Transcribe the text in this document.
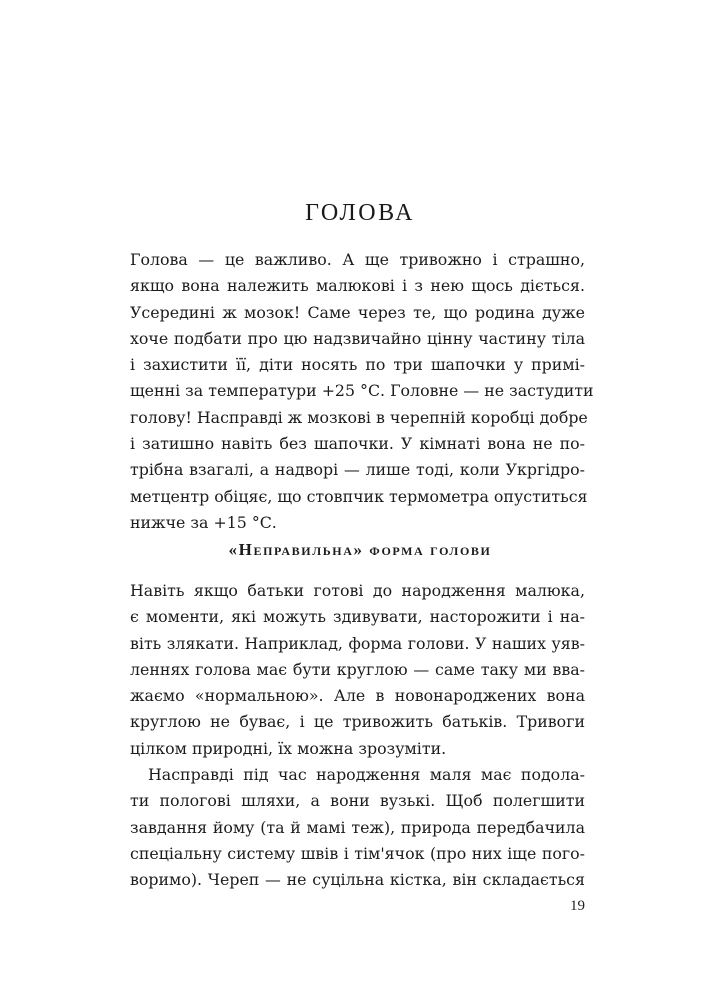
ГОЛОВА
Голова — це важливо. А ще тривожно і страшно,
якщо вона належить малюкові і з нею щось діється.
Усередині ж мозок! Саме через те, що родина дуже
хоче подбати про цю надзвичайно цінну частину тіла
і захистити її, діти носять по три шапочки у примі-
щенні за температури +25 °С. Головне — не застудити
голову! Насправді ж мозкові в черепній коробці добре
і затишно навіть без шапочки. У кімнаті вона не по-
трібна взагалі, а надворі — лише тоді, коли Укргідро-
метцентр обіцяє, що стовпчик термометра опуститься
нижче за +15 °С.
«Неправильна» форма голови
Навіть якщо батьки готові до народження малюка,
є моменти, які можуть здивувати, насторожити і на-
віть злякати. Наприклад, форма голови. У наших уяв-
леннях голова має бути круглою — саме таку ми вва-
жаємо «нормальною». Але в новонароджених вона
круглою не буває, і це тривожить батьків. Тривоги
цілком природні, їх можна зрозуміти.
Насправді під час народження маля має подола-
ти пологові шляхи, а вони вузькі. Щоб полегшити
завдання йому (та й мамі теж), природа передбачила
спеціальну систему швів і тім'ячок (про них іще пого-
воримо). Череп — не суцільна кістка, він складається
19
